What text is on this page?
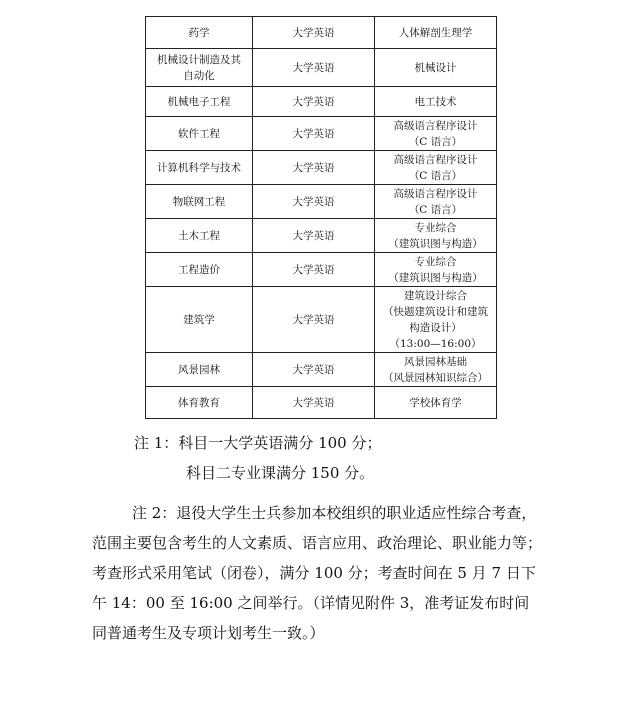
药学	大学英语	人体解剖生理学
机械设计制造及其
自动化	大学英语	机械设计
机械电子工程	大学英语	电工技术
软件工程	大学英语	高级语言程序设计
（C 语言）
计算机科学与技术	大学英语	高级语言程序设计
（C 语言）
物联网工程	大学英语	高级语言程序设计
（C 语言）
土木工程	大学英语	专业综合
（建筑识图与构造）
工程造价	大学英语	专业综合
（建筑识图与构造）
建筑学	大学英语	建筑设计综合
（快题建筑设计和建筑
构造设计）
（13:00—16:00）
风景园林	大学英语	风景园林基础
（风景园林知识综合）
体育教育	大学英语	学校体育学

注 1：科目一大学英语满分 100 分；

科目二专业课满分 150 分。

注 2：退役大学生士兵参加本校组织的职业适应性综合考查，范围主要包含考生的人文素质、语言应用、政治理论、职业能力等；考查形式采用笔试（闭卷），满分 100 分；考查时间在 5 月 7 日下午 14：00 至 16:00 之间举行。（详情见附件 3，准考证发布时间同普通考生及专项计划考生一致。）
